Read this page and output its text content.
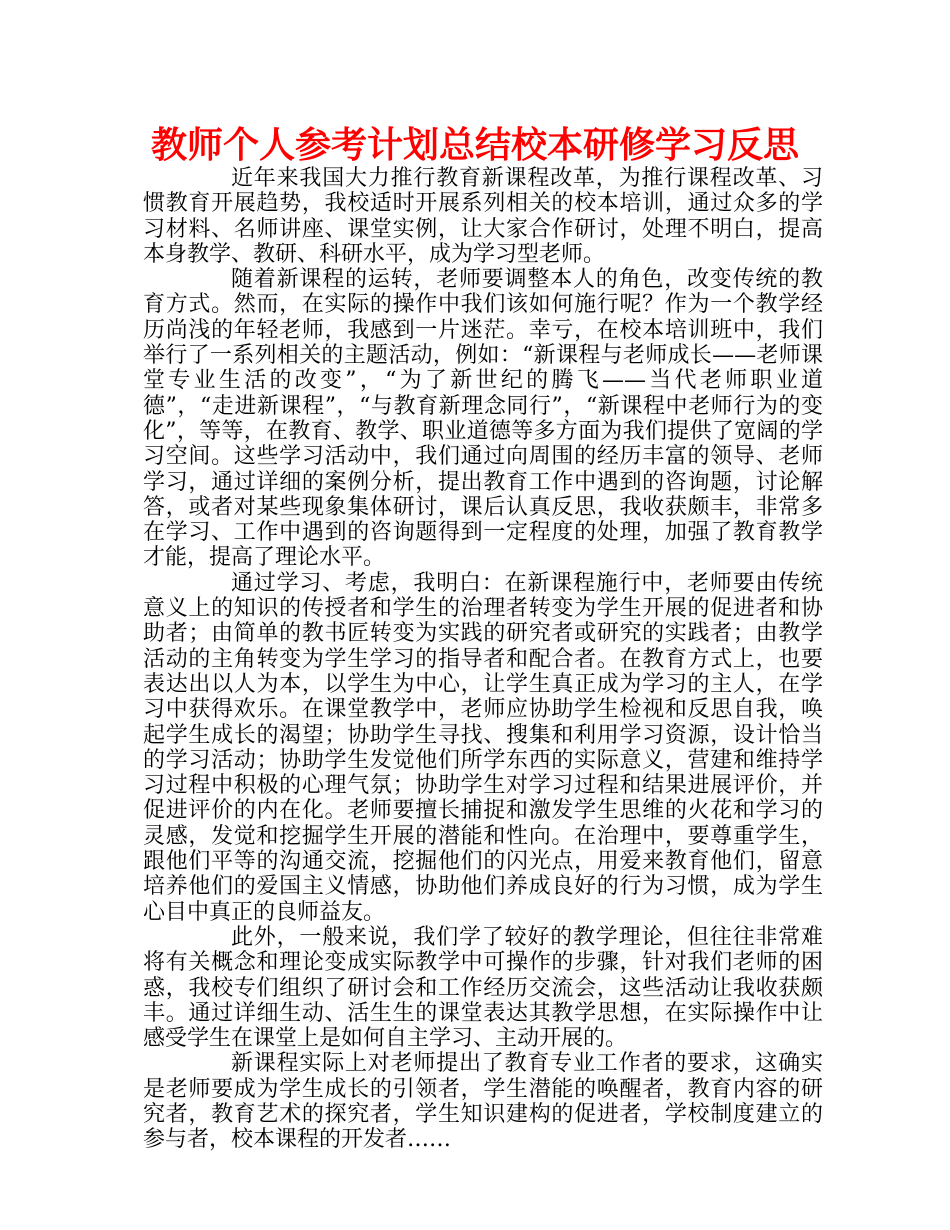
教师个人参考计划总结校本研修学习反思

近年来我国大力推行教育新课程改革，为推行课程改革、习惯教育开展趋势，我校适时开展系列相关的校本培训，通过众多的学习材料、名师讲座、课堂实例，让大家合作研讨，处理不明白，提高本身教学、教研、科研水平，成为学习型老师。

随着新课程的运转，老师要调整本人的角色，改变传统的教育方式。然而，在实际的操作中我们该如何施行呢？作为一个教学经历尚浅的年轻老师，我感到一片迷茫。幸亏，在校本培训班中，我们举行了一系列相关的主题活动，例如：“新课程与老师成长——老师课堂专业生活的改变”，“为了新世纪的腾飞——当代老师职业道德”，“走进新课程”，“与教育新理念同行”，“新课程中老师行为的变化”，等等，在教育、教学、职业道德等多方面为我们提供了宽阔的学习空间。这些学习活动中，我们通过向周围的经历丰富的领导、老师学习，通过详细的案例分析，提出教育工作中遇到的咨询题，讨论解答，或者对某些现象集体研讨，课后认真反思，我收获颇丰，非常多在学习、工作中遇到的咨询题得到一定程度的处理，加强了教育教学才能，提高了理论水平。

通过学习、考虑，我明白：在新课程施行中，老师要由传统意义上的知识的传授者和学生的治理者转变为学生开展的促进者和协助者；由简单的教书匠转变为实践的研究者或研究的实践者；由教学活动的主角转变为学生学习的指导者和配合者。在教育方式上，也要表达出以人为本，以学生为中心，让学生真正成为学习的主人，在学习中获得欢乐。在课堂教学中，老师应协助学生检视和反思自我，唤起学生成长的渴望；协助学生寻找、搜集和利用学习资源，设计恰当的学习活动；协助学生发觉他们所学东西的实际意义，营建和维持学习过程中积极的心理气氛；协助学生对学习过程和结果进展评价，并促进评价的内在化。老师要擅长捕捉和激发学生思维的火花和学习的灵感，发觉和挖掘学生开展的潜能和性向。在治理中，要尊重学生，跟他们平等的沟通交流，挖掘他们的闪光点，用爱来教育他们，留意培养他们的爱国主义情感，协助他们养成良好的行为习惯，成为学生心目中真正的良师益友。

此外，一般来说，我们学了较好的教学理论，但往往非常难将有关概念和理论变成实际教学中可操作的步骤，针对我们老师的困惑，我校专们组织了研讨会和工作经历交流会，这些活动让我收获颇丰。通过详细生动、活生生的课堂表达其教学思想，在实际操作中让感受学生在课堂上是如何自主学习、主动开展的。

新课程实际上对老师提出了教育专业工作者的要求，这确实是老师要成为学生成长的引领者，学生潜能的唤醒者，教育内容的研究者，教育艺术的探究者，学生知识建构的促进者，学校制度建立的参与者，校本课程的开发者……
